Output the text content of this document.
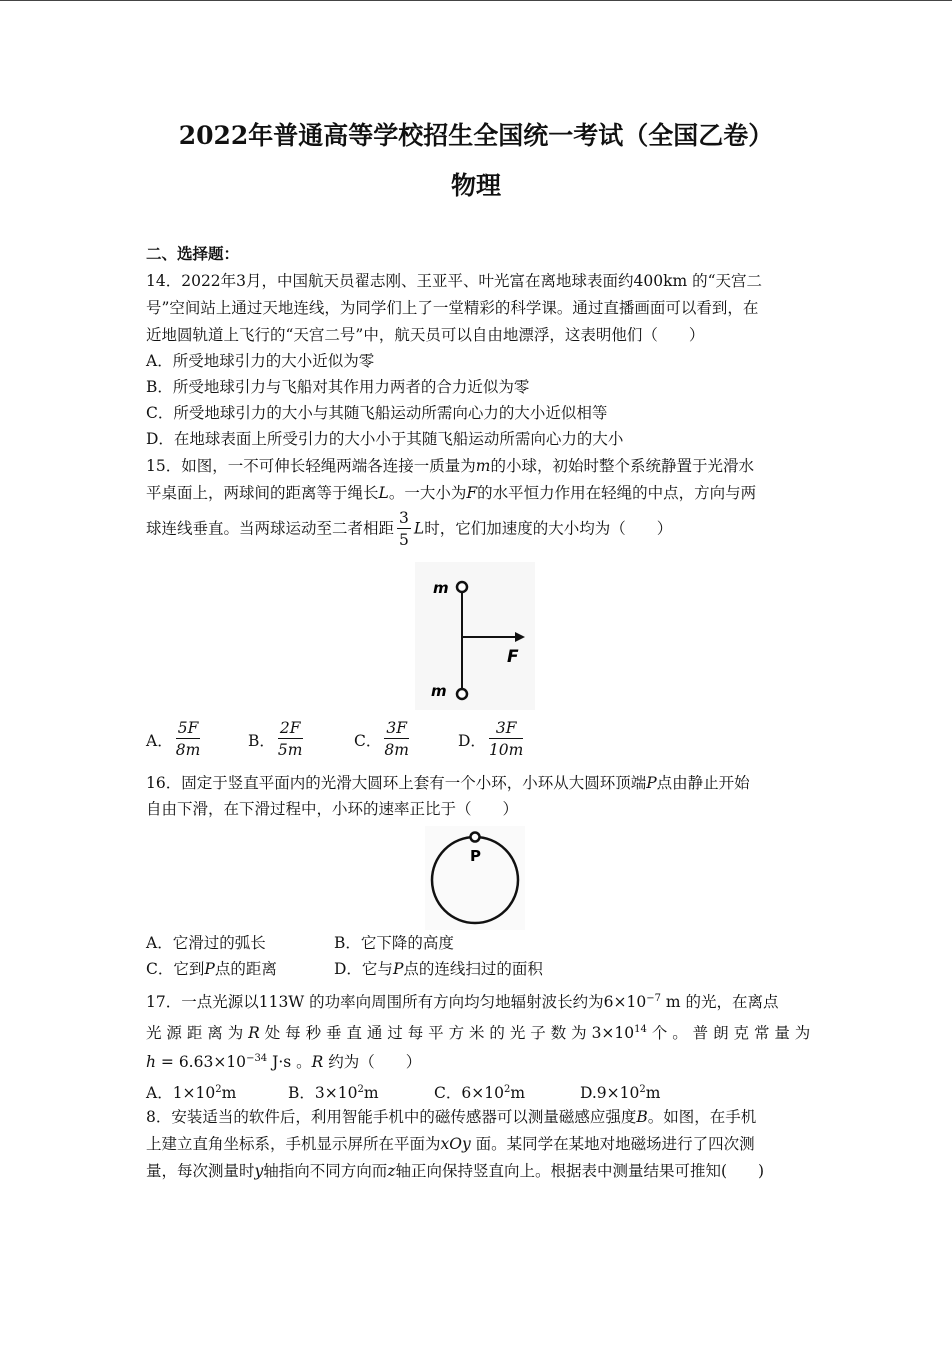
2022年普通高等学校招生全国统一考试（全国乙卷）
物理
二、选择题：
14．2022年3月，中国航天员翟志刚、王亚平、叶光富在离地球表面约400km 的“天宫二
号”空间站上通过天地连线，为同学们上了一堂精彩的科学课。通过直播画面可以看到，在
近地圆轨道上飞行的“天宫二号”中，航天员可以自由地漂浮，这表明他们（　　）
A．所受地球引力的大小近似为零
B．所受地球引力与飞船对其作用力两者的合力近似为零
C．所受地球引力的大小与其随飞船运动所需向心力的大小近似相等
D．在地球表面上所受引力的大小小于其随飞船运动所需向心力的大小
15．如图，一不可伸长轻绳两端各连接一质量为m的小球，初始时整个系统静置于光滑水
平桌面上，两球间的距离等于绳长L。一大小为F的水平恒力作用在轻绳的中点，方向与两
球连线垂直。当两球运动至二者相距 $\frac{3}{5}$ L时，它们加速度的大小均为（　　）
m
F
m
A． $\frac{5F}{8m}$	B． $\frac{2F}{5m}$	C． $\frac{3F}{8m}$	D． $\frac{3F}{10m}$
16．固定于竖直平面内的光滑大圆环上套有一个小环，小环从大圆环顶端P点由静止开始
自由下滑，在下滑过程中，小环的速率正比于（　　）
P
A．它滑过的弧长	B．它下降的高度
C．它到P点的距离	D．它与P点的连线扫过的面积
17．一点光源以113W 的功率向周围所有方向均匀地辐射波长约为$6\times 10^{-7}$ m 的光，在离点
光 源 距 离 为 R 处 每 秒 垂 直 通 过 每 平 方 米 的 光 子 数 为 $3\times 10^{14}$ 个 。 普 朗 克 常 量 为
$h = 6.63\times 10^{-34}$ J·s 。R 约为（　　）
A．$1\times 10^2m$	B．$3\times 10^2m$	C．$6\times 10^2m$	$D.9\times 10^2m$
8．安装适当的软件后，利用智能手机中的磁传感器可以测量磁感应强度B。如图，在手机
上建立直角坐标系，手机显示屏所在平面为xOy 面。某同学在某地对地磁场进行了四次测
量，每次测量时y轴指向不同方向而z轴正向保持竖直向上。根据表中测量结果可推知(　　)
